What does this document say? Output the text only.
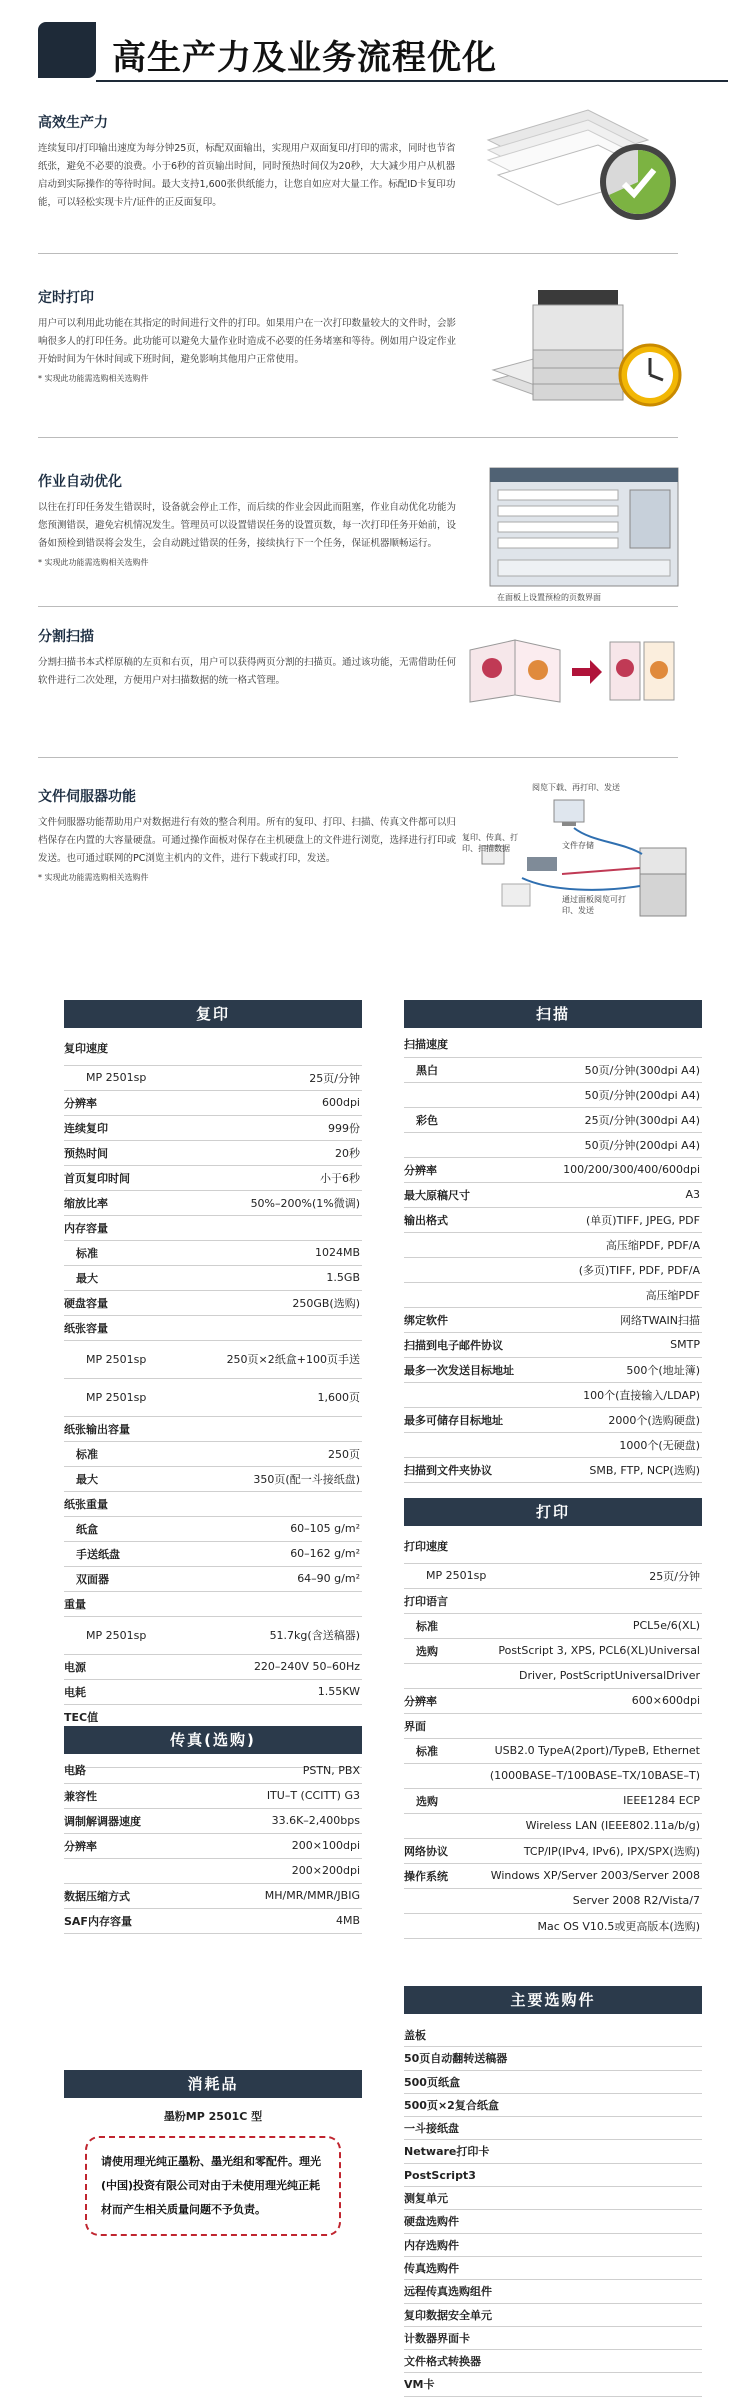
高生产力及业务流程优化
高效生产力

连续复印/打印输出速度为每分钟25页，标配双面输出，实现用户双面复印/打印的需求，同时也节省纸张，避免不必要的浪费。小于6秒的首页输出时间，同时预热时间仅为20秒，大大减少用户从机器启动到实际操作的等待时间。最大支持1,600张供纸能力，让您自如应对大量工作。标配ID卡复印功能，可以轻松实现卡片/证件的正反面复印。

定时打印

用户可以利用此功能在其指定的时间进行文件的打印。如果用户在一次打印数量较大的文件时，会影响很多人的打印任务。此功能可以避免大量作业时造成不必要的任务堵塞和等待。例如用户设定作业开始时间为午休时间或下班时间，避免影响其他用户正常使用。

* 实现此功能需选购相关选购件
作业自动优化

以往在打印任务发生错误时，设备就会停止工作，而后续的作业会因此而阻塞，作业自动优化功能为您预测错误，避免宕机情况发生。管理员可以设置错误任务的设置页数，每一次打印任务开始前，设备如预检到错误将会发生，会自动跳过错误的任务，接续执行下一个任务，保证机器顺畅运行。

* 实现此功能需选购相关选购件
在面板上设置预检的页数界面
分割扫描

分割扫描书本式样原稿的左页和右页，用户可以获得两页分割的扫描页。通过该功能，无需借助任何软件进行二次处理，方便用户对扫描数据的统一格式管理。

文件伺服器功能

文件伺服器功能帮助用户对数据进行有效的整合利用。所有的复印、打印、扫描、传真文件都可以归档保存在内置的大容量硬盘。可通过操作面板对保存在主机硬盘上的文件进行浏览，选择进行打印或发送。也可通过联网的PC浏览主机内的文件，进行下载或打印，发送。

* 实现此功能需选购相关选购件
阅览下载、再打印、发送
复印、传真、打印、扫描数据	文件存储
通过面板阅览可打印、发送
复印
复印速度	
MP 2501sp	25页/分钟
分辨率	600dpi
连续复印	999份
预热时间	20秒
首页复印时间	小于6秒
缩放比率	50%–200%(1%微调)
内存容量	
标准	1024MB
最大	1.5GB
硬盘容量	250GB(选购)
纸张容量	
MP 2501sp	250页×2纸盒+100页手送
MP 2501sp	1,600页
纸张输出容量	
标准	250页
最大	350页(配一斗接纸盘)
纸张重量	
纸盒	60–105 g/m²
手送纸盘	60–162 g/m²
双面器	64–90 g/m²
重量	
MP 2501sp	51.7kg(含送稿器)
电源	220–240V 50–60Hz
电耗	1.55KW
TEC值	

传真(选购)
电路	PSTN, PBX
兼容性	ITU–T (CCITT) G3
调制解调器速度	33.6K–2,400bps
分辨率	200×100dpi
	200×200dpi
数据压缩方式	MH/MR/MMR/JBIG
SAF内存容量	4MB
消耗品
墨粉MP 2501C 型

请使用理光纯正墨粉、墨光组和零配件。理光(中国)投资有限公司对由于未使用理光纯正耗材而产生相关质量问题不予负责。

扫描
扫描速度	
黑白	50页/分钟(300dpi A4)
	50页/分钟(200dpi A4)
彩色	25页/分钟(300dpi A4)
	50页/分钟(200dpi A4)
分辨率	100/200/300/400/600dpi
最大原稿尺寸	A3
输出格式	(单页)TIFF, JPEG, PDF
	高压缩PDF, PDF/A
	(多页)TIFF, PDF, PDF/A
	高压缩PDF
绑定软件	网络TWAIN扫描
扫描到电子邮件协议	SMTP
最多一次发送目标地址	500个(地址簿)
	100个(直接输入/LDAP)
最多可储存目标地址	2000个(选购硬盘)
	1000个(无硬盘)
扫描到文件夹协议	SMB, FTP, NCP(选购)
打印
打印速度	
MP 2501sp	25页/分钟
打印语言	
标准	PCL5e/6(XL)
选购	PostScript 3, XPS, PCL6(XL)Universal
	Driver, PostScriptUniversalDriver
分辨率	600×600dpi
界面	
标准	USB2.0 TypeA(2port)/TypeB, Ethernet
	(1000BASE–T/100BASE–TX/10BASE–T)
选购	IEEE1284 ECP
	Wireless LAN (IEEE802.11a/b/g)
网络协议	TCP/IP(IPv4, IPv6), IPX/SPX(选购)
操作系统	Windows XP/Server 2003/Server 2008
	Server 2008 R2/Vista/7
	Mac OS V10.5或更高版本(选购)
主要选购件
盖板
50页自动翻转送稿器
500页纸盒
500页×2复合纸盒
一斗接纸盘
Netware打印卡
PostScript3
测复单元
硬盘选购件
内存选购件
传真选购件
远程传真选购组件
复印数据安全单元
计数器界面卡
文件格式转换器
VM卡
